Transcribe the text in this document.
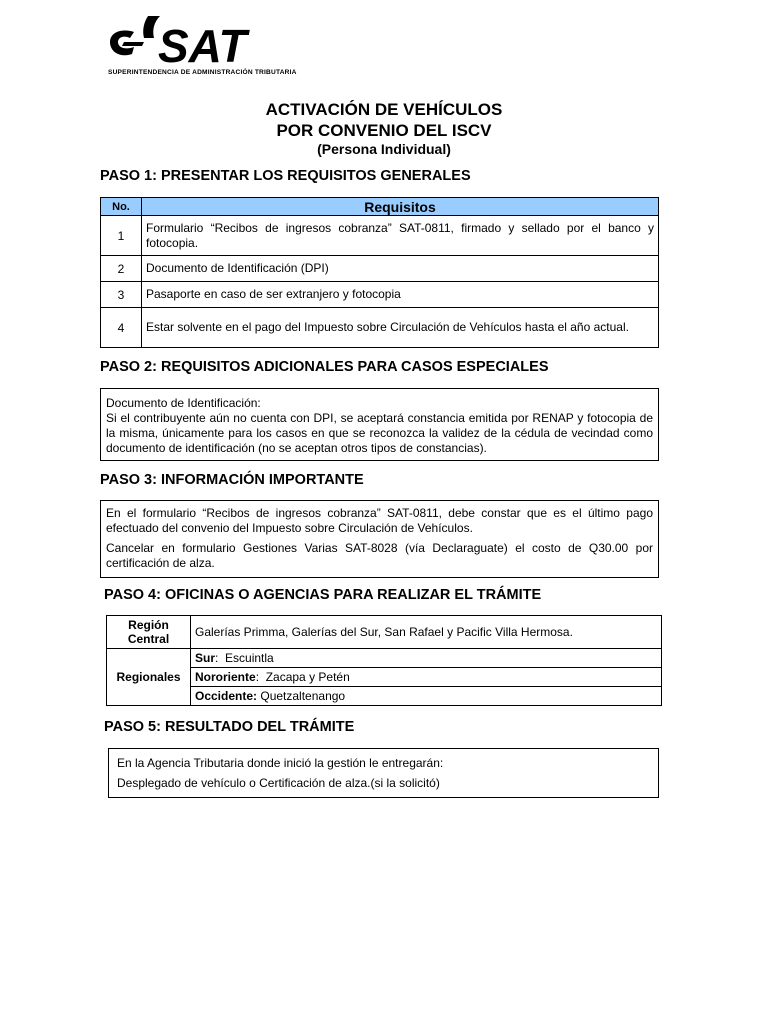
SAT
SUPERINTENDENCIA DE ADMINISTRACIÓN TRIBUTARIA
ACTIVACIÓN DE VEHÍCULOS
POR CONVENIO DEL ISCV
(Persona Individual)
PASO 1: PRESENTAR LOS REQUISITOS GENERALES
No.	Requisitos
1	Formulario “Recibos de ingresos cobranza” SAT-0811, firmado y sellado por el banco y fotocopia.
2	Documento de Identificación (DPI)
3	Pasaporte en caso de ser extranjero y fotocopia
4	Estar solvente en el pago del Impuesto sobre Circulación de Vehículos hasta el año actual.
PASO 2: REQUISITOS ADICIONALES PARA CASOS ESPECIALES

Documento de Identificación:

Si el contribuyente aún no cuenta con DPI, se aceptará constancia emitida por RENAP y fotocopia de la misma, únicamente para los casos en que se reconozca la validez de la cédula de vecindad como documento de identificación (no se aceptan otros tipos de constancias).

PASO 3: INFORMACIÓN IMPORTANTE

En el formulario “Recibos de ingresos cobranza” SAT-0811, debe constar que es el último pago efectuado del convenio del Impuesto sobre Circulación de Vehículos.

Cancelar en formulario Gestiones Varias SAT-8028 (vía Declaraguate) el costo de Q30.00 por certificación de alza.

PASO 4: OFICINAS O AGENCIAS PARA REALIZAR EL TRÁMITE
Región Central	Galerías Primma, Galerías del Sur, San Rafael y Pacific Villa Hermosa.
Regionales	Sur:  Escuintla
	Nororiente:  Zacapa y Petén
	Occidente: Quetzaltenango
PASO 5: RESULTADO DEL TRÁMITE

En la Agencia Tributaria donde inició la gestión le entregarán:

Desplegado de vehículo o Certificación de alza.(si la solicitó)
